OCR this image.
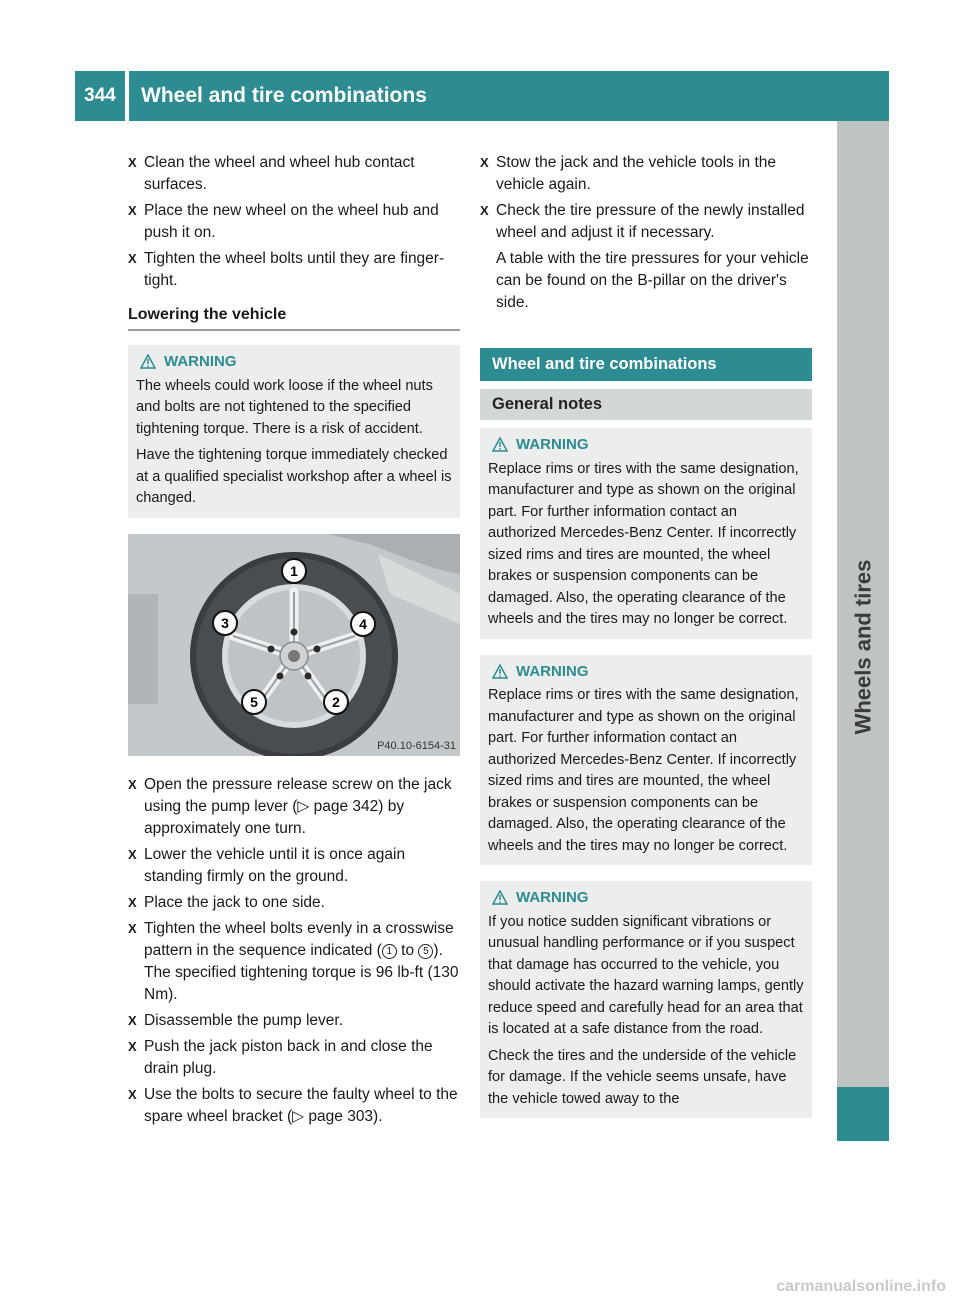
344	Wheel and tire combinations
Wheels and tires
X Clean the wheel and wheel hub contact surfaces.

X Place the new wheel on the wheel hub and push it on.

X Tighten the wheel bolts until they are finger-tight.

Lowering the vehicle
WARNING

The wheels could work loose if the wheel nuts and bolts are not tightened to the specified tightening torque. There is a risk of accident.

Have the tightening torque immediately checked at a qualified specialist workshop after a wheel is changed.

1
2
3	4
5
P40.10-6154-31
X Open the pressure release screw on the jack using the pump lever (▷ page 342) by approximately one turn.

X Lower the vehicle until it is once again standing firmly on the ground.

X Place the jack to one side.

X Tighten the wheel bolts evenly in a crosswise pattern in the sequence indicated ( 1 to 5 ). The specified tightening torque is 96 lb-ft (130 Nm).

X Disassemble the pump lever.

X Push the jack piston back in and close the drain plug.

X Use the bolts to secure the faulty wheel to the spare wheel bracket (▷ page 303).

X Stow the jack and the vehicle tools in the vehicle again.

X Check the tire pressure of the newly installed wheel and adjust it if necessary.

A table with the tire pressures for your vehicle can be found on the B-pillar on the driver's side.

Wheel and tire combinations
General notes
WARNING

Replace rims or tires with the same designation, manufacturer and type as shown on the original part. For further information contact an authorized Mercedes-Benz Center. If incorrectly sized rims and tires are mounted, the wheel brakes or suspension components can be damaged. Also, the operating clearance of the wheels and the tires may no longer be correct.

WARNING

Replace rims or tires with the same designation, manufacturer and type as shown on the original part. For further information contact an authorized Mercedes-Benz Center. If incorrectly sized rims and tires are mounted, the wheel brakes or suspension components can be damaged. Also, the operating clearance of the wheels and the tires may no longer be correct.

WARNING

If you notice sudden significant vibrations or unusual handling performance or if you suspect that damage has occurred to the vehicle, you should activate the hazard warning lamps, gently reduce speed and carefully head for an area that is located at a safe distance from the road.

Check the tires and the underside of the vehicle for damage. If the vehicle seems unsafe, have the vehicle towed away to the

carmanualsonline.info
